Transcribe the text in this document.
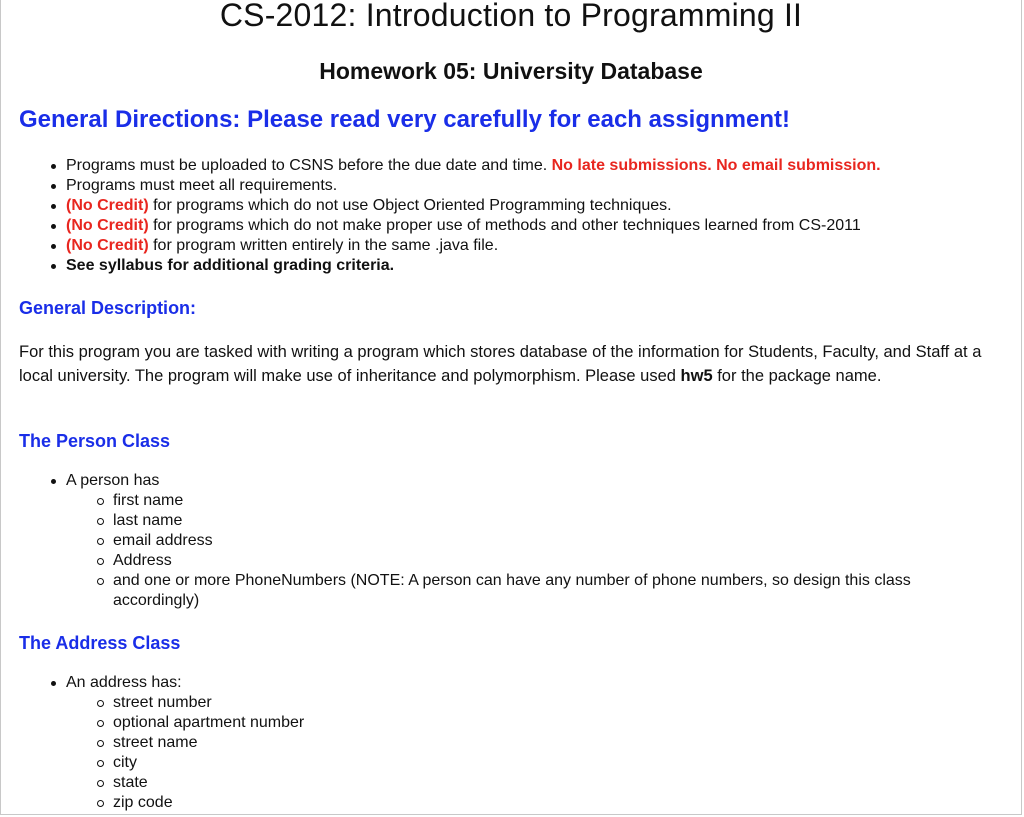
CS-2012: Introduction to Programming II
Homework 05: University Database
General Directions: Please read very carefully for each assignment!
Programs must be uploaded to CSNS before the due date and time. No late submissions. No email submission.
Programs must meet all requirements.
(No Credit) for programs which do not use Object Oriented Programming techniques.
(No Credit) for programs which do not make proper use of methods and other techniques learned from CS-2011
(No Credit) for program written entirely in the same .java file.
See syllabus for additional grading criteria.
General Description:

For this program you are tasked with writing a program which stores database of the information for Students, Faculty, and Staff at a local university. The program will make use of inheritance and polymorphism. Please used hw5 for the package name.

The Person Class
A person has
first name
last name
email address
Address
and one or more PhoneNumbers (NOTE: A person can have any number of phone numbers, so design this class accordingly)
The Address Class
An address has:
street number
optional apartment number
street name
city
state
zip code
